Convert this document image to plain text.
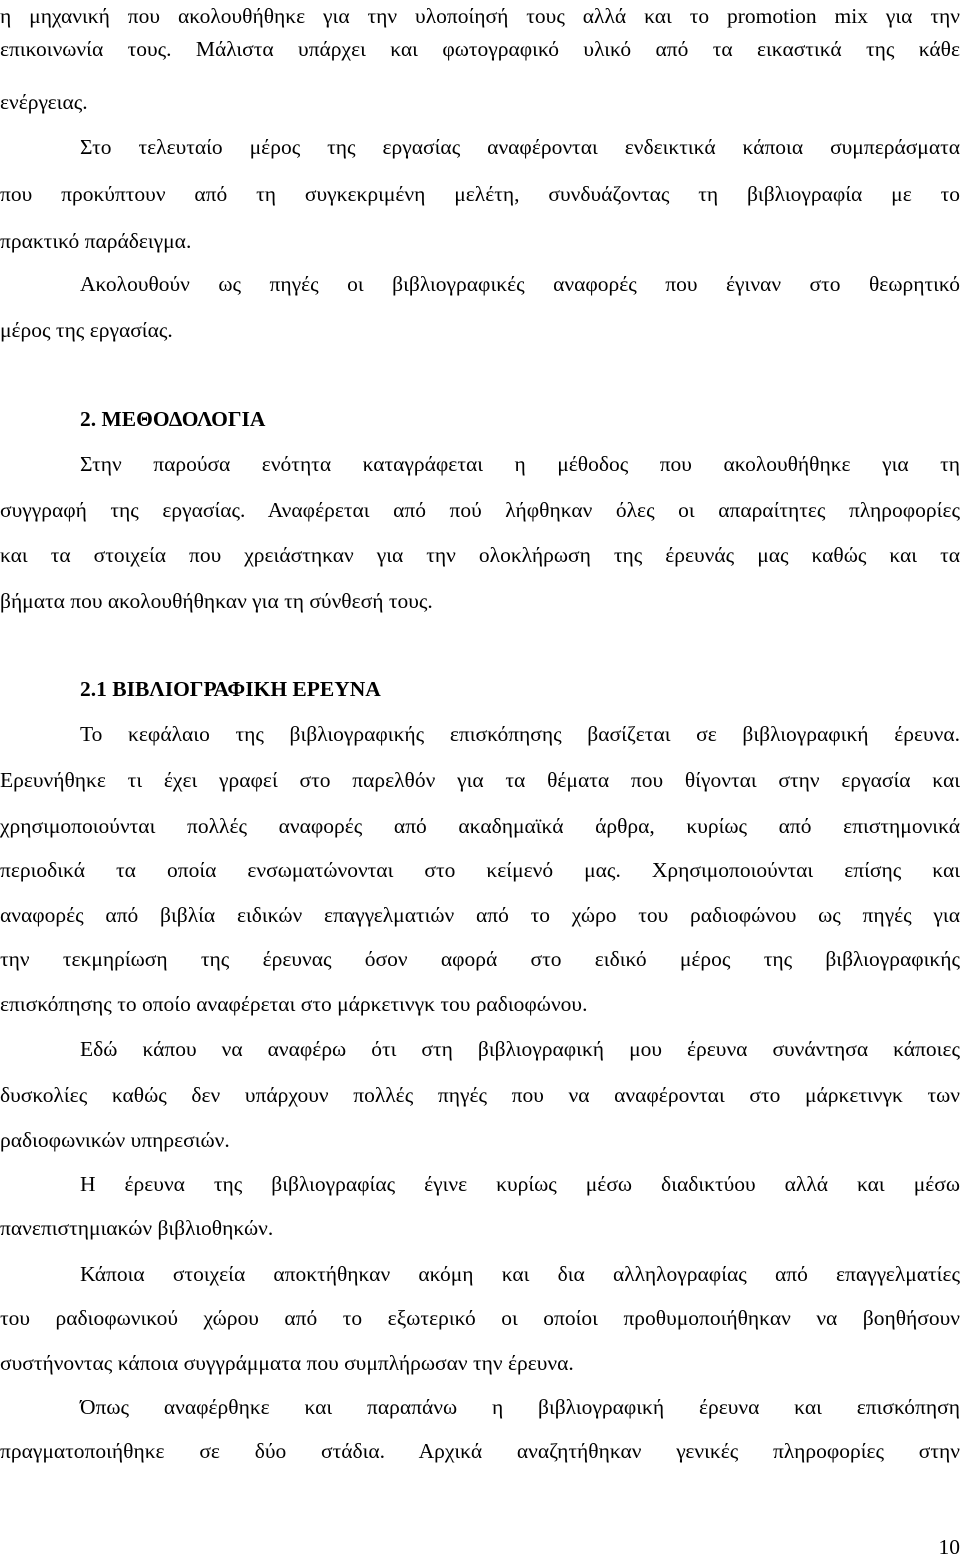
η μηχανική που ακολουθήθηκε για την υλοποίησή τους αλλά και το promotion mix για την
επικοινωνία τους. Μάλιστα υπάρχει και φωτογραφικό υλικό από τα εικαστικά της κάθε
ενέργειας.
Στο τελευταίο μέρος της εργασίας αναφέρονται ενδεικτικά κάποια συμπεράσματα
που προκύπτουν από τη συγκεκριμένη μελέτη, συνδυάζοντας τη βιβλιογραφία με το
πρακτικό παράδειγμα.
Ακολουθούν ως πηγές οι βιβλιογραφικές αναφορές που έγιναν στο θεωρητικό
μέρος της εργασίας.
2. ΜΕΘΟΔΟΛΟΓΙΑ
Στην παρούσα ενότητα καταγράφεται η μέθοδος που ακολουθήθηκε για τη
συγγραφή της εργασίας. Αναφέρεται από πού λήφθηκαν όλες οι απαραίτητες πληροφορίες
και τα στοιχεία που χρειάστηκαν για την ολοκλήρωση της έρευνάς μας καθώς και τα
βήματα που ακολουθήθηκαν για τη σύνθεσή τους.
2.1 ΒΙΒΛΙΟΓΡΑΦΙΚΗ ΕΡΕΥΝΑ
Το κεφάλαιο της βιβλιογραφικής επισκόπησης βασίζεται σε βιβλιογραφική έρευνα.
Ερευνήθηκε τι έχει γραφεί στο παρελθόν για τα θέματα που θίγονται στην εργασία και
χρησιμοποιούνται πολλές αναφορές από ακαδημαϊκά άρθρα, κυρίως από επιστημονικά
περιοδικά τα οποία ενσωματώνονται στο κείμενό μας. Χρησιμοποιούνται επίσης και
αναφορές από βιβλία ειδικών επαγγελματιών από το χώρο του ραδιοφώνου ως πηγές για
την τεκμηρίωση της έρευνας όσον αφορά στο ειδικό μέρος της βιβλιογραφικής
επισκόπησης το οποίο αναφέρεται στο μάρκετινγκ του ραδιοφώνου.
Εδώ κάπου να αναφέρω ότι στη βιβλιογραφική μου έρευνα συνάντησα κάποιες
δυσκολίες καθώς δεν υπάρχουν πολλές πηγές που να αναφέρονται στο μάρκετινγκ των
ραδιοφωνικών υπηρεσιών.
Η έρευνα της βιβλιογραφίας έγινε κυρίως μέσω διαδικτύου αλλά και μέσω
πανεπιστημιακών βιβλιοθηκών.
Κάποια στοιχεία αποκτήθηκαν ακόμη και δια αλληλογραφίας από επαγγελματίες
του ραδιοφωνικού χώρου από το εξωτερικό οι οποίοι προθυμοποιήθηκαν να βοηθήσουν
συστήνοντας κάποια συγγράμματα που συμπλήρωσαν την έρευνα.
Όπως αναφέρθηκε και παραπάνω η βιβλιογραφική έρευνα και επισκόπηση
πραγματοποιήθηκε σε δύο στάδια. Αρχικά αναζητήθηκαν γενικές πληροφορίες στην
10
